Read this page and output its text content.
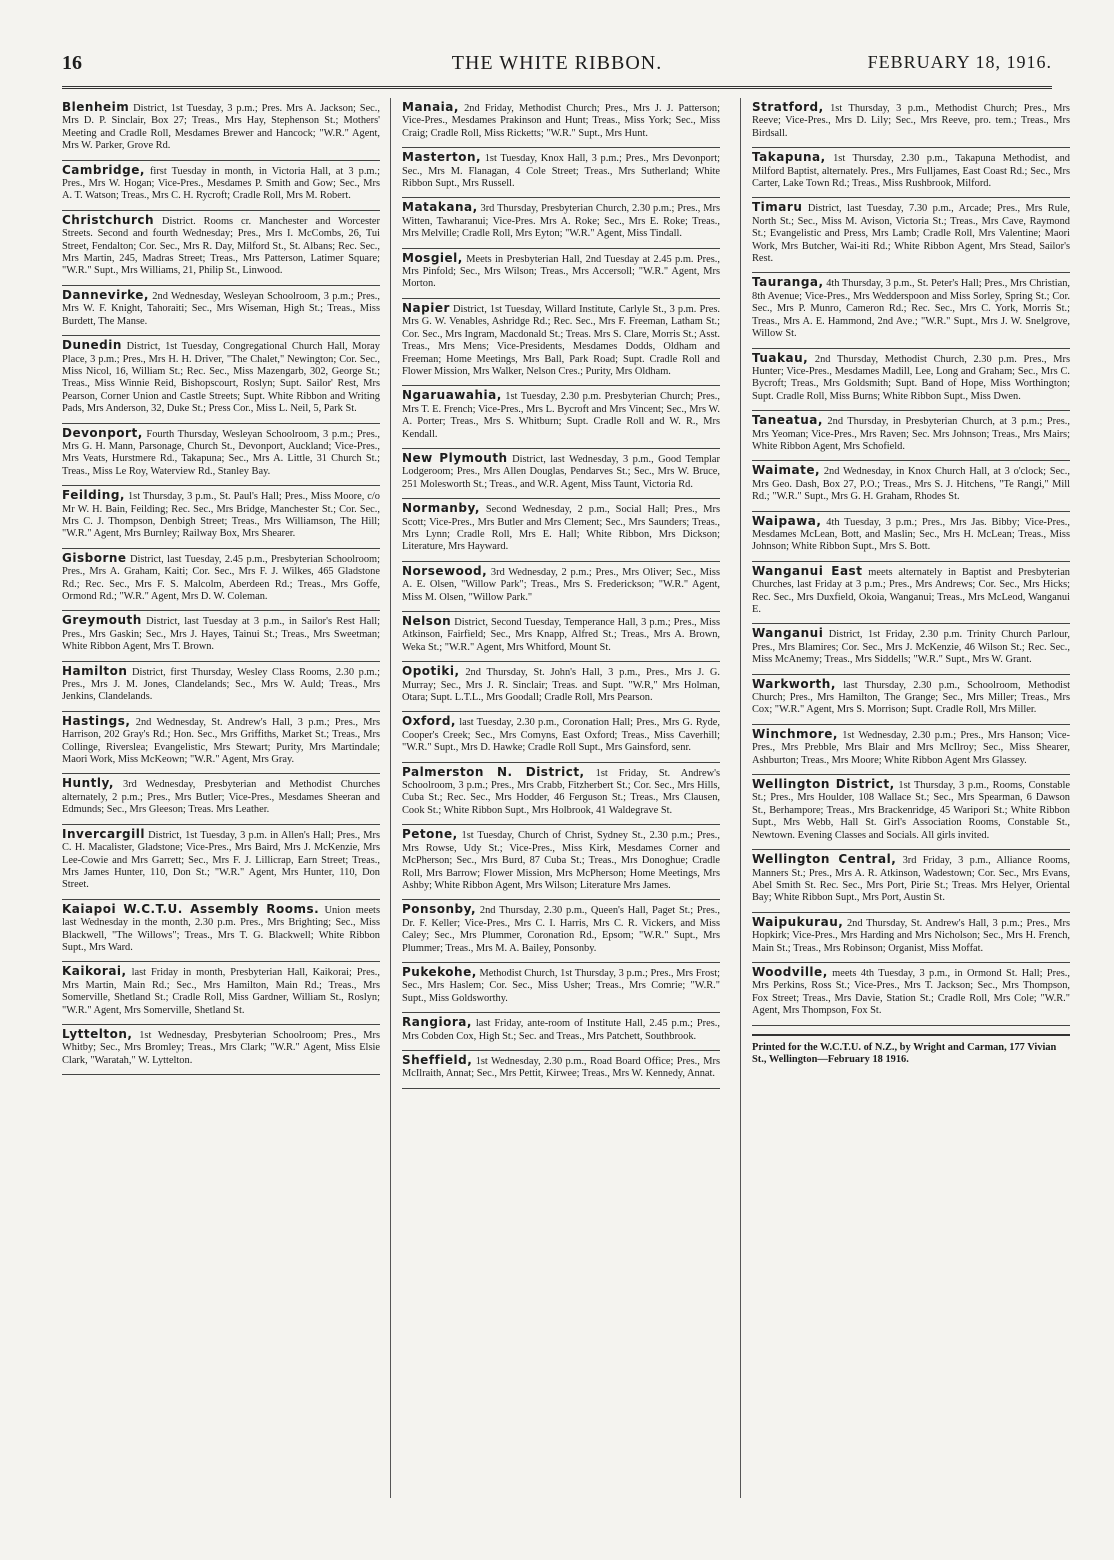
16	THE WHITE RIBBON.	FEBRUARY 18, 1916.

Blenheim District, 1st Tuesday, 3 p.m.; Pres. Mrs A. Jackson; Sec., Mrs D. P. Sinclair, Box 27; Treas., Mrs Hay, Stephenson St.; Mothers' Meeting and Cradle Roll, Mesdames Brewer and Hancock; "W.R." Agent, Mrs W. Parker, Grove Rd.

Cambridge, first Tuesday in month, in Victoria Hall, at 3 p.m.; Pres., Mrs W. Hogan; Vice-Pres., Mesdames P. Smith and Gow; Sec., Mrs A. T. Watson; Treas., Mrs C. H. Rycroft; Cradle Roll, Mrs M. Robert.

Christchurch District. Rooms cr. Manchester and Worcester Streets. Second and fourth Wednesday; Pres., Mrs I. McCombs, 26, Tui Street, Fendalton; Cor. Sec., Mrs R. Day, Milford St., St. Albans; Rec. Sec., Mrs Martin, 245, Madras Street; Treas., Mrs Patterson, Latimer Square; "W.R." Supt., Mrs Williams, 21, Philip St., Linwood.

Dannevirke, 2nd Wednesday, Wesleyan Schoolroom, 3 p.m.; Pres., Mrs W. F. Knight, Tahoraiti; Sec., Mrs Wiseman, High St.; Treas., Miss Burdett, The Manse.

Dunedin District, 1st Tuesday, Congregational Church Hall, Moray Place, 3 p.m.; Pres., Mrs H. H. Driver, "The Chalet," Newington; Cor. Sec., Miss Nicol, 16, William St.; Rec. Sec., Miss Mazengarb, 302, George St.; Treas., Miss Winnie Reid, Bishopscourt, Roslyn; Supt. Sailor' Rest, Mrs Pearson, Corner Union and Castle Streets; Supt. White Ribbon and Writing Pads, Mrs Anderson, 32, Duke St.; Press Cor., Miss L. Neil, 5, Park St.

Devonport, Fourth Thursday, Wesleyan Schoolroom, 3 p.m.; Pres., Mrs G. H. Mann, Parsonage, Church St., Devonport, Auckland; Vice-Pres., Mrs Veats, Hurstmere Rd., Takapuna; Sec., Mrs A. Little, 31 Church St.; Treas., Miss Le Roy, Waterview Rd., Stanley Bay.

Feilding, 1st Thursday, 3 p.m., St. Paul's Hall; Pres., Miss Moore, c/o Mr W. H. Bain, Feilding; Rec. Sec., Mrs Bridge, Manchester St.; Cor. Sec., Mrs C. J. Thompson, Denbigh Street; Treas., Mrs Williamson, The Hill; "W.R." Agent, Mrs Burnley; Railway Box, Mrs Shearer.

Gisborne District, last Tuesday, 2.45 p.m., Presbyterian Schoolroom; Pres., Mrs A. Graham, Kaiti; Cor. Sec., Mrs F. J. Wilkes, 465 Gladstone Rd.; Rec. Sec., Mrs F. S. Malcolm, Aberdeen Rd.; Treas., Mrs Goffe, Ormond Rd.; "W.R." Agent, Mrs D. W. Coleman.

Greymouth District, last Tuesday at 3 p.m., in Sailor's Rest Hall; Pres., Mrs Gaskin; Sec., Mrs J. Hayes, Tainui St.; Treas., Mrs Sweetman; White Ribbon Agent, Mrs T. Brown.

Hamilton District, first Thursday, Wesley Class Rooms, 2.30 p.m.; Pres., Mrs J. M. Jones, Clandelands; Sec., Mrs W. Auld; Treas., Mrs Jenkins, Clandelands.

Hastings, 2nd Wednesday, St. Andrew's Hall, 3 p.m.; Pres., Mrs Harrison, 202 Gray's Rd.; Hon. Sec., Mrs Griffiths, Market St.; Treas., Mrs Collinge, Riverslea; Evangelistic, Mrs Stewart; Purity, Mrs Martindale; Maori Work, Miss McKeown; "W.R." Agent, Mrs Gray.

Huntly, 3rd Wednesday, Presbyterian and Methodist Churches alternately, 2 p.m.; Pres., Mrs Butler; Vice-Pres., Mesdames Sheeran and Edmunds; Sec., Mrs Gleeson; Treas. Mrs Leather.

Invercargill District, 1st Tuesday, 3 p.m. in Allen's Hall; Pres., Mrs C. H. Macalister, Gladstone; Vice-Pres., Mrs Baird, Mrs J. McKenzie, Mrs Lee-Cowie and Mrs Garrett; Sec., Mrs F. J. Lillicrap, Earn Street; Treas., Mrs James Hunter, 110, Don St.; "W.R." Agent, Mrs Hunter, 110, Don Street.

Kaiapoi W.C.T.U. Assembly Rooms. Union meets last Wednesday in the month, 2.30 p.m. Pres., Mrs Brighting; Sec., Miss Blackwell, "The Willows"; Treas., Mrs T. G. Blackwell; White Ribbon Supt., Mrs Ward.

Kaikorai, last Friday in month, Presbyterian Hall, Kaikorai; Pres., Mrs Martin, Main Rd.; Sec., Mrs Hamilton, Main Rd.; Treas., Mrs Somerville, Shetland St.; Cradle Roll, Miss Gardner, William St., Roslyn; "W.R." Agent, Mrs Somerville, Shetland St.

Lyttelton, 1st Wednesday, Presbyterian Schoolroom; Pres., Mrs Whitby; Sec., Mrs Bromley; Treas., Mrs Clark; "W.R." Agent, Miss Elsie Clark, "Waratah," W. Lyttelton.

Manaia, 2nd Friday, Methodist Church; Pres., Mrs J. J. Patterson; Vice-Pres., Mesdames Prakinson and Hunt; Treas., Miss York; Sec., Miss Craig; Cradle Roll, Miss Ricketts; "W.R." Supt., Mrs Hunt.

Masterton, 1st Tuesday, Knox Hall, 3 p.m.; Pres., Mrs Devonport; Sec., Mrs M. Flanagan, 4 Cole Street; Treas., Mrs Sutherland; White Ribbon Supt., Mrs Russell.

Matakana, 3rd Thursday, Presbyterian Church, 2.30 p.m.; Pres., Mrs Witten, Tawharanui; Vice-Pres. Mrs A. Roke; Sec., Mrs E. Roke; Treas., Mrs Melville; Cradle Roll, Mrs Eyton; "W.R." Agent, Miss Tindall.

Mosgiel, Meets in Presbyterian Hall, 2nd Tuesday at 2.45 p.m. Pres., Mrs Pinfold; Sec., Mrs Wilson; Treas., Mrs Accersoll; "W.R." Agent, Mrs Morton.

Napier District, 1st Tuesday, Willard Institute, Carlyle St., 3 p.m. Pres. Mrs G. W. Venables, Ashridge Rd.; Rec. Sec., Mrs F. Freeman, Latham St.; Cor. Sec., Mrs Ingram, Macdonald St.; Treas. Mrs S. Clare, Morris St.; Asst. Treas., Mrs Mens; Vice-Presidents, Mesdames Dodds, Oldham and Freeman; Home Meetings, Mrs Ball, Park Road; Supt. Cradle Roll and Flower Mission, Mrs Walker, Nelson Cres.; Purity, Mrs Oldham.

Ngaruawahia, 1st Tuesday, 2.30 p.m. Presbyterian Church; Pres., Mrs T. E. French; Vice-Pres., Mrs L. Bycroft and Mrs Vincent; Sec., Mrs W. A. Porter; Treas., Mrs S. Whitburn; Supt. Cradle Roll and W. R., Mrs Kendall.

New Plymouth District, last Wednesday, 3 p.m., Good Templar Lodgeroom; Pres., Mrs Allen Douglas, Pendarves St.; Sec., Mrs W. Bruce, 251 Molesworth St.; Treas., and W.R. Agent, Miss Taunt, Victoria Rd.

Normanby, Second Wednesday, 2 p.m., Social Hall; Pres., Mrs Scott; Vice-Pres., Mrs Butler and Mrs Clement; Sec., Mrs Saunders; Treas., Mrs Lynn; Cradle Roll, Mrs E. Hall; White Ribbon, Mrs Dickson; Literature, Mrs Hayward.

Norsewood, 3rd Wednesday, 2 p.m.; Pres., Mrs Oliver; Sec., Miss A. E. Olsen, "Willow Park"; Treas., Mrs S. Frederickson; "W.R." Agent, Miss M. Olsen, "Willow Park."

Nelson District, Second Tuesday, Temperance Hall, 3 p.m.; Pres., Miss Atkinson, Fairfield; Sec., Mrs Knapp, Alfred St.; Treas., Mrs A. Brown, Weka St.; "W.R." Agent, Mrs Whitford, Mount St.

Opotiki, 2nd Thursday, St. John's Hall, 3 p.m., Pres., Mrs J. G. Murray; Sec., Mrs J. R. Sinclair; Treas. and Supt. "W.R," Mrs Holman, Otara; Supt. L.T.L., Mrs Goodall; Cradle Roll, Mrs Pearson.

Oxford, last Tuesday, 2.30 p.m., Coronation Hall; Pres., Mrs G. Ryde, Cooper's Creek; Sec., Mrs Comyns, East Oxford; Treas., Miss Caverhill; "W.R." Supt., Mrs D. Hawke; Cradle Roll Supt., Mrs Gainsford, senr.

Palmerston N. District, 1st Friday, St. Andrew's Schoolroom, 3 p.m.; Pres., Mrs Crabb, Fitzherbert St.; Cor. Sec., Mrs Hills, Cuba St.; Rec. Sec., Mrs Hodder, 46 Ferguson St.; Treas., Mrs Clausen, Cook St.; White Ribbon Supt., Mrs Holbrook, 41 Waldegrave St.

Petone, 1st Tuesday, Church of Christ, Sydney St., 2.30 p.m.; Pres., Mrs Rowse, Udy St.; Vice-Pres., Miss Kirk, Mesdames Corner and McPherson; Sec., Mrs Burd, 87 Cuba St.; Treas., Mrs Donoghue; Cradle Roll, Mrs Barrow; Flower Mission, Mrs McPherson; Home Meetings, Mrs Ashby; White Ribbon Agent, Mrs Wilson; Literature Mrs James.

Ponsonby, 2nd Thursday, 2.30 p.m., Queen's Hall, Paget St.; Pres., Dr. F. Keller; Vice-Pres., Mrs C. I. Harris, Mrs C. R. Vickers, and Miss Caley; Sec., Mrs Plummer, Coronation Rd., Epsom; "W.R." Supt., Mrs Plummer; Treas., Mrs M. A. Bailey, Ponsonby.

Pukekohe, Methodist Church, 1st Thursday, 3 p.m.; Pres., Mrs Frost; Sec., Mrs Haslem; Cor. Sec., Miss Usher; Treas., Mrs Comrie; "W.R." Supt., Miss Goldsworthy.

Rangiora, last Friday, ante-room of Institute Hall, 2.45 p.m.; Pres., Mrs Cobden Cox, High St.; Sec. and Treas., Mrs Patchett, Southbrook.

Sheffield, 1st Wednesday, 2.30 p.m., Road Board Office; Pres., Mrs McIlraith, Annat; Sec., Mrs Pettit, Kirwee; Treas., Mrs W. Kennedy, Annat.

Stratford, 1st Thursday, 3 p.m., Methodist Church; Pres., Mrs Reeve; Vice-Pres., Mrs D. Lily; Sec., Mrs Reeve, pro. tem.; Treas., Mrs Birdsall.

Takapuna, 1st Thursday, 2.30 p.m., Takapuna Methodist, and Milford Baptist, alternately. Pres., Mrs Fulljames, East Coast Rd.; Sec., Mrs Carter, Lake Town Rd.; Treas., Miss Rushbrook, Milford.

Timaru District, last Tuesday, 7.30 p.m., Arcade; Pres., Mrs Rule, North St.; Sec., Miss M. Avison, Victoria St.; Treas., Mrs Cave, Raymond St.; Evangelistic and Press, Mrs Lamb; Cradle Roll, Mrs Valentine; Maori Work, Mrs Butcher, Wai-iti Rd.; White Ribbon Agent, Mrs Stead, Sailor's Rest.

Tauranga, 4th Thursday, 3 p.m., St. Peter's Hall; Pres., Mrs Christian, 8th Avenue; Vice-Pres., Mrs Wedderspoon and Miss Sorley, Spring St.; Cor. Sec., Mrs P. Munro, Cameron Rd.; Rec. Sec., Mrs C. York, Morris St.; Treas., Mrs A. E. Hammond, 2nd Ave.; "W.R." Supt., Mrs J. W. Snelgrove, Willow St.

Tuakau, 2nd Thursday, Methodist Church, 2.30 p.m. Pres., Mrs Hunter; Vice-Pres., Mesdames Madill, Lee, Long and Graham; Sec., Mrs C. Bycroft; Treas., Mrs Goldsmith; Supt. Band of Hope, Miss Worthington; Supt. Cradle Roll, Miss Burns; White Ribbon Supt., Miss Dwen.

Taneatua, 2nd Thursday, in Presbyterian Church, at 3 p.m.; Pres., Mrs Yeoman; Vice-Pres., Mrs Raven; Sec. Mrs Johnson; Treas., Mrs Mairs; White Ribbon Agent, Mrs Schofield.

Waimate, 2nd Wednesday, in Knox Church Hall, at 3 o'clock; Sec., Mrs Geo. Dash, Box 27, P.O.; Treas., Mrs S. J. Hitchens, "Te Rangi," Mill Rd.; "W.R." Supt., Mrs G. H. Graham, Rhodes St.

Waipawa, 4th Tuesday, 3 p.m.; Pres., Mrs Jas. Bibby; Vice-Pres., Mesdames McLean, Bott, and Maslin; Sec., Mrs H. McLean; Treas., Miss Johnson; White Ribbon Supt., Mrs S. Bott.

Wanganui East meets alternately in Baptist and Presbyterian Churches, last Friday at 3 p.m.; Pres., Mrs Andrews; Cor. Sec., Mrs Hicks; Rec. Sec., Mrs Duxfield, Okoia, Wanganui; Treas., Mrs McLeod, Wanganui E.

Wanganui District, 1st Friday, 2.30 p.m. Trinity Church Parlour, Pres., Mrs Blamires; Cor. Sec., Mrs J. McKenzie, 46 Wilson St.; Rec. Sec., Miss McAnemy; Treas., Mrs Siddells; "W.R." Supt., Mrs W. Grant.

Warkworth, last Thursday, 2.30 p.m., Schoolroom, Methodist Church; Pres., Mrs Hamilton, The Grange; Sec., Mrs Miller; Treas., Mrs Cox; "W.R." Agent, Mrs S. Morrison; Supt. Cradle Roll, Mrs Miller.

Winchmore, 1st Wednesday, 2.30 p.m.; Pres., Mrs Hanson; Vice-Pres., Mrs Prebble, Mrs Blair and Mrs McIlroy; Sec., Miss Shearer, Ashburton; Treas., Mrs Moore; White Ribbon Agent Mrs Glassey.

Wellington District, 1st Thursday, 3 p.m., Rooms, Constable St.; Pres., Mrs Houlder, 108 Wallace St.; Sec., Mrs Spearman, 6 Dawson St., Berhampore; Treas., Mrs Brackenridge, 45 Waripori St.; White Ribbon Supt., Mrs Webb, Hall St. Girl's Association Rooms, Constable St., Newtown. Evening Classes and Socials. All girls invited.

Wellington Central, 3rd Friday, 3 p.m., Alliance Rooms, Manners St.; Pres., Mrs A. R. Atkinson, Wadestown; Cor. Sec., Mrs Evans, Abel Smith St. Rec. Sec., Mrs Port, Pirie St.; Treas. Mrs Helyer, Oriental Bay; White Ribbon Supt., Mrs Port, Austin St.

Waipukurau, 2nd Thursday, St. Andrew's Hall, 3 p.m.; Pres., Mrs Hopkirk; Vice-Pres., Mrs Harding and Mrs Nicholson; Sec., Mrs H. French, Main St.; Treas., Mrs Robinson; Organist, Miss Moffat.

Woodville, meets 4th Tuesday, 3 p.m., in Ormond St. Hall; Pres., Mrs Perkins, Ross St.; Vice-Pres., Mrs T. Jackson; Sec., Mrs Thompson, Fox Street; Treas., Mrs Davie, Station St.; Cradle Roll, Mrs Cole; "W.R." Agent, Mrs Thompson, Fox St.

Printed for the W.C.T.U. of N.Z., by Wright and Carman, 177 Vivian St., Wellington—February 18 1916.
